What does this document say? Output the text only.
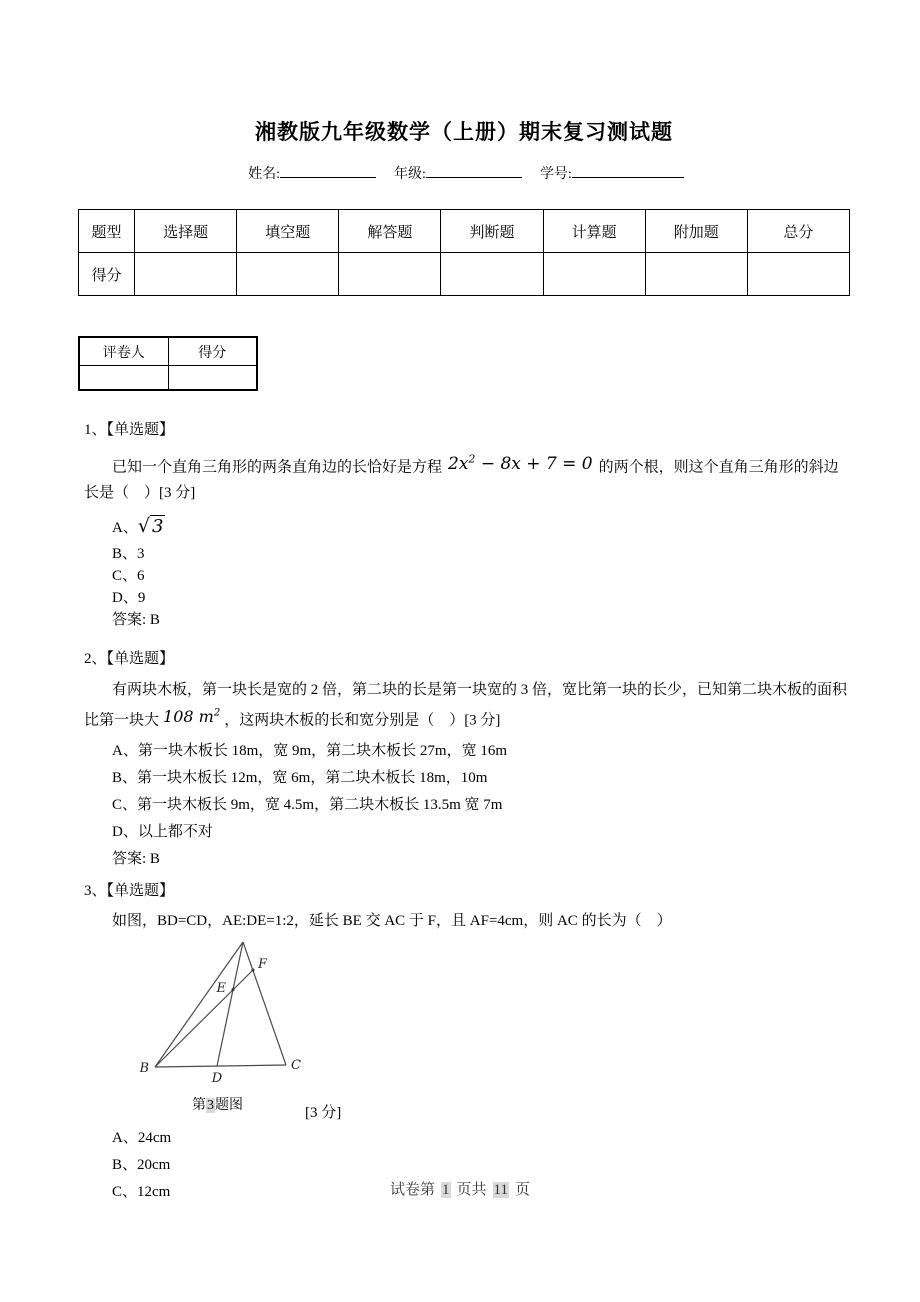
湘教版九年级数学（上册）期末复习测试题
姓名:	年级:	学号:
题型	选择题	填空题	解答题	判断题	计算题	附加题	总分
得分							
评卷人	得分

1、【单选题】

已知一个直角三角形的两条直角边的长恰好是方程 $2x^2 - 8x + 7 = 0$ 的两个根，则这个直角三角形的斜边长是（　）[3 分]

A、√ 3
B、3
C、6
D、9
答案: B
2、【单选题】

有两块木板，第一块长是宽的 2 倍，第二块的长是第一块宽的 3 倍，宽比第一块的长少，已知第二块木板的面积比第一块大 108 $m^2$ ，这两块木板的长和宽分别是（　）[3 分]

A、第一块木板长 18m，宽 9m，第二块木板长 27m，宽 16m
B、第一块木板长 12m，宽 6m，第二块木板长 18m，10m
C、第一块木板长 9m，宽 4.5m，第二块木板长 13.5m 宽 7m
D、以上都不对
答案: B
3、【单选题】

如图，BD=CD，AE:DE=1:2，延长 BE 交 AC 于 F，且 AF=4cm，则 AC 的长为（　）

B	C
D
E
F
第3题图	[3 分]
A、24cm
B、20cm
C、12cm	试卷第 1 页共 11 页
